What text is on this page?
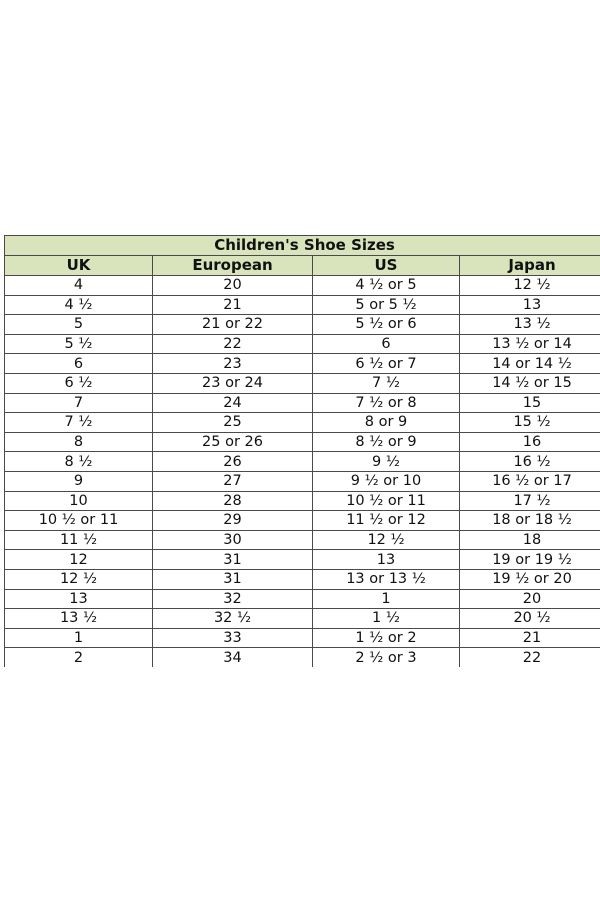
Children's Shoe Sizes			
UK	European	US	Japan
4	20	4 ½ or 5	12 ½
4 ½	21	5 or 5 ½	13
5	21 or 22	5 ½ or 6	13 ½
5 ½	22	6	13 ½ or 14
6	23	6 ½ or 7	14 or 14 ½
6 ½	23 or 24	7 ½	14 ½ or 15
7	24	7 ½ or 8	15
7 ½	25	8 or 9	15 ½
8	25 or 26	8 ½ or 9	16
8 ½	26	9 ½	16 ½
9	27	9 ½ or 10	16 ½ or 17
10	28	10 ½ or 11	17 ½
10 ½ or 11	29	11 ½ or 12	18 or 18 ½
11 ½	30	12 ½	18
12	31	13	19 or 19 ½
12 ½	31	13 or 13 ½	19 ½ or 20
13	32	1	20
13 ½	32 ½	1 ½	20 ½
1	33	1 ½ or 2	21
2	34	2 ½ or 3	22
